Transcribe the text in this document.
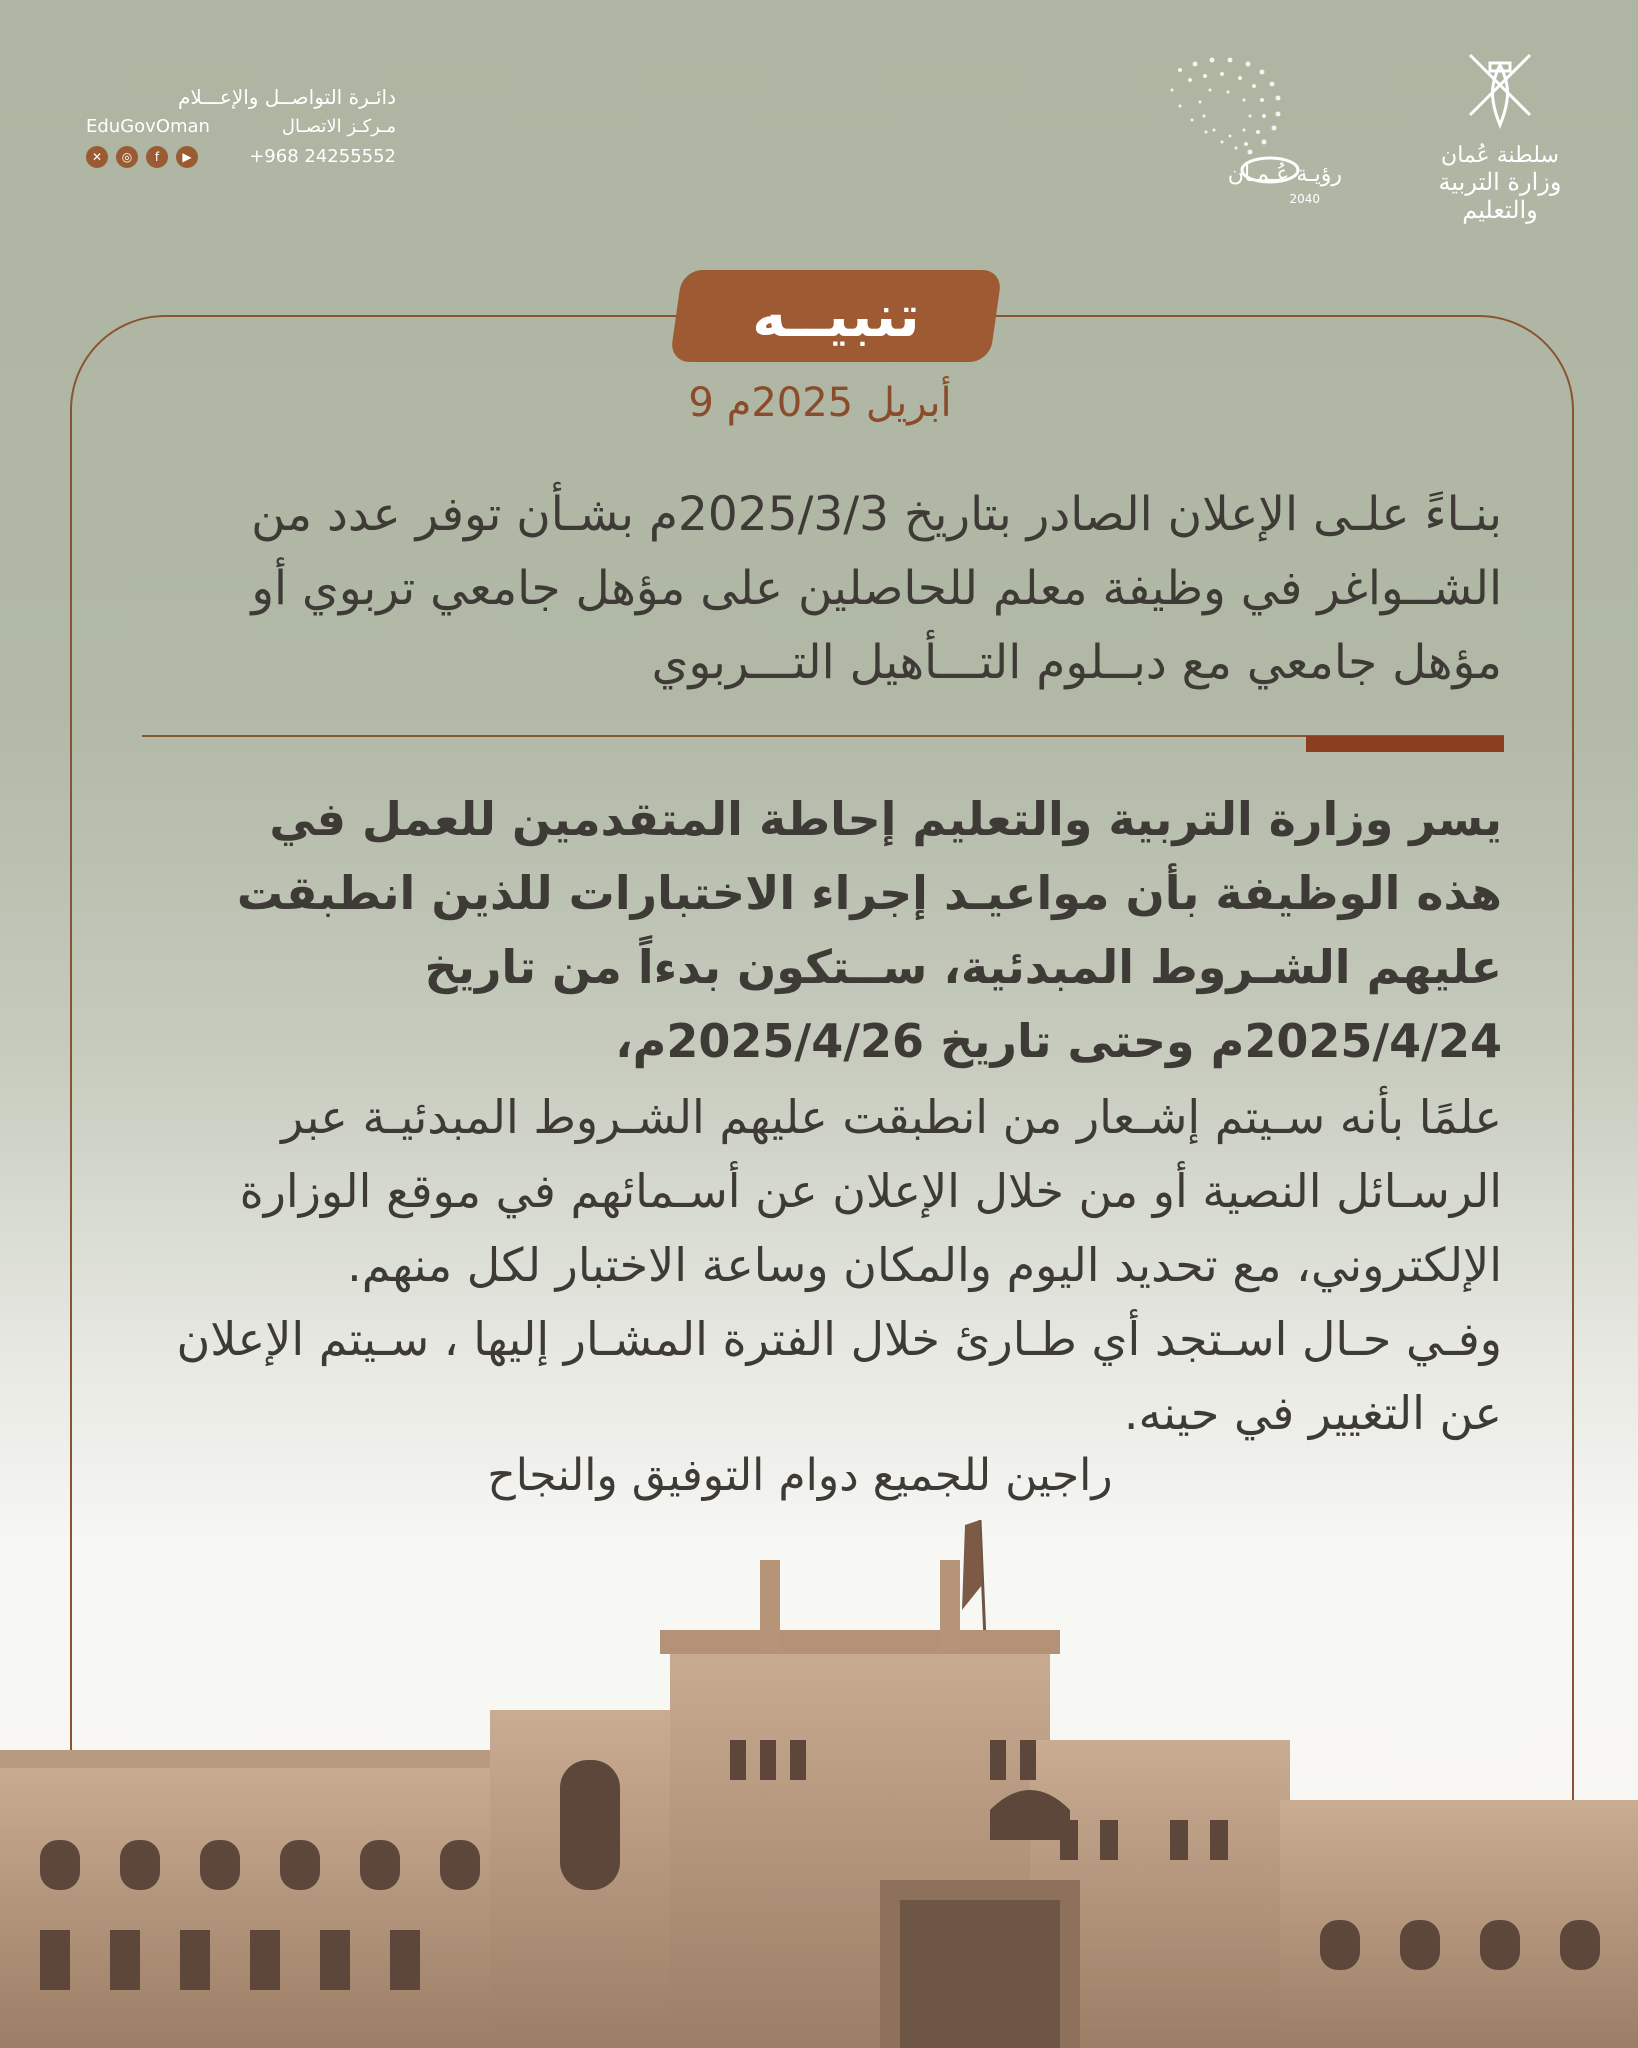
دائـرة التواصــل والإعـــلام
EduGovOman	مـركـز الاتصـال
✕	◎	f	▶	+968 24255552
رؤيـة عُـمـان
2040
سلطنة عُمان
وزارة التربية والتعليم
تنبيــه
9 أبريل 2025م
بنـاءً علـى الإعلان الصادر بتاريخ 2025/3/3م بشـأن توفر عدد من الشــواغر في وظيفة معلم للحاصلين على مؤهل جامعي تربوي أو مؤهل جامعي مع دبــلوم التـــأهيل التـــربوي
يسر وزارة التربية والتعليم إحاطة المتقدمين للعمل في هذه الوظيفة بأن مواعيـد إجراء الاختبارات للذين انطبقت عليهم الشـروط المبدئية، ســتكون بدءاً من تاريخ 2025/4/24م وحتى تاريخ 2025/4/26م،
علمًا بأنه سـيتم إشـعار من انطبقت عليهم الشـروط المبدئيـة عبر الرسـائل النصية أو من خلال الإعلان عن أسـمائهم في موقع الوزارة الإلكتروني، مع تحديد اليوم والمكان وساعة الاختبار لكل منهم.
وفـي حـال اسـتجد أي طـارئ خلال الفترة المشـار إليها ، سـيتم الإعلان عن التغيير في حينه.
راجين للجميع دوام التوفيق والنجاح
